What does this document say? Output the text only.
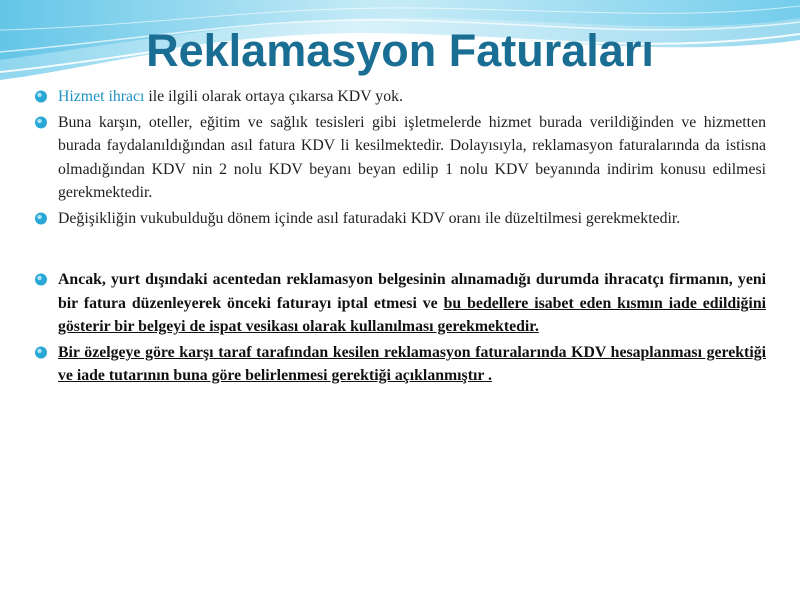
Reklamasyon Faturaları
Hizmet ihracı ile ilgili olarak ortaya çıkarsa KDV yok.
Buna karşın, oteller, eğitim ve sağlık tesisleri gibi işletmelerde hizmet burada verildiğinden ve hizmetten burada faydalanıldığından asıl fatura KDV li kesilmektedir. Dolayısıyla, reklamasyon faturalarında da istisna olmadığından KDV nin 2 nolu KDV beyanı beyan edilip 1 nolu KDV beyanında indirim konusu edilmesi gerekmektedir.
Değişikliğin vukubulduğu dönem içinde asıl faturadaki KDV oranı ile düzeltilmesi gerekmektedir.
Ancak, yurt dışındaki acentedan reklamasyon belgesinin alınamadığı durumda ihracatçı firmanın, yeni bir fatura düzenleyerek önceki faturayı iptal etmesi ve bu bedellere isabet eden kısmın iade edildiğini gösterir bir belgeyi de ispat vesikası olarak kullanılması gerekmektedir.
Bir özelgeye göre karşı taraf tarafından kesilen reklamasyon faturalarında KDV hesaplanması gerektiği ve iade tutarının buna göre belirlenmesi gerektiği açıklanmıştır .
